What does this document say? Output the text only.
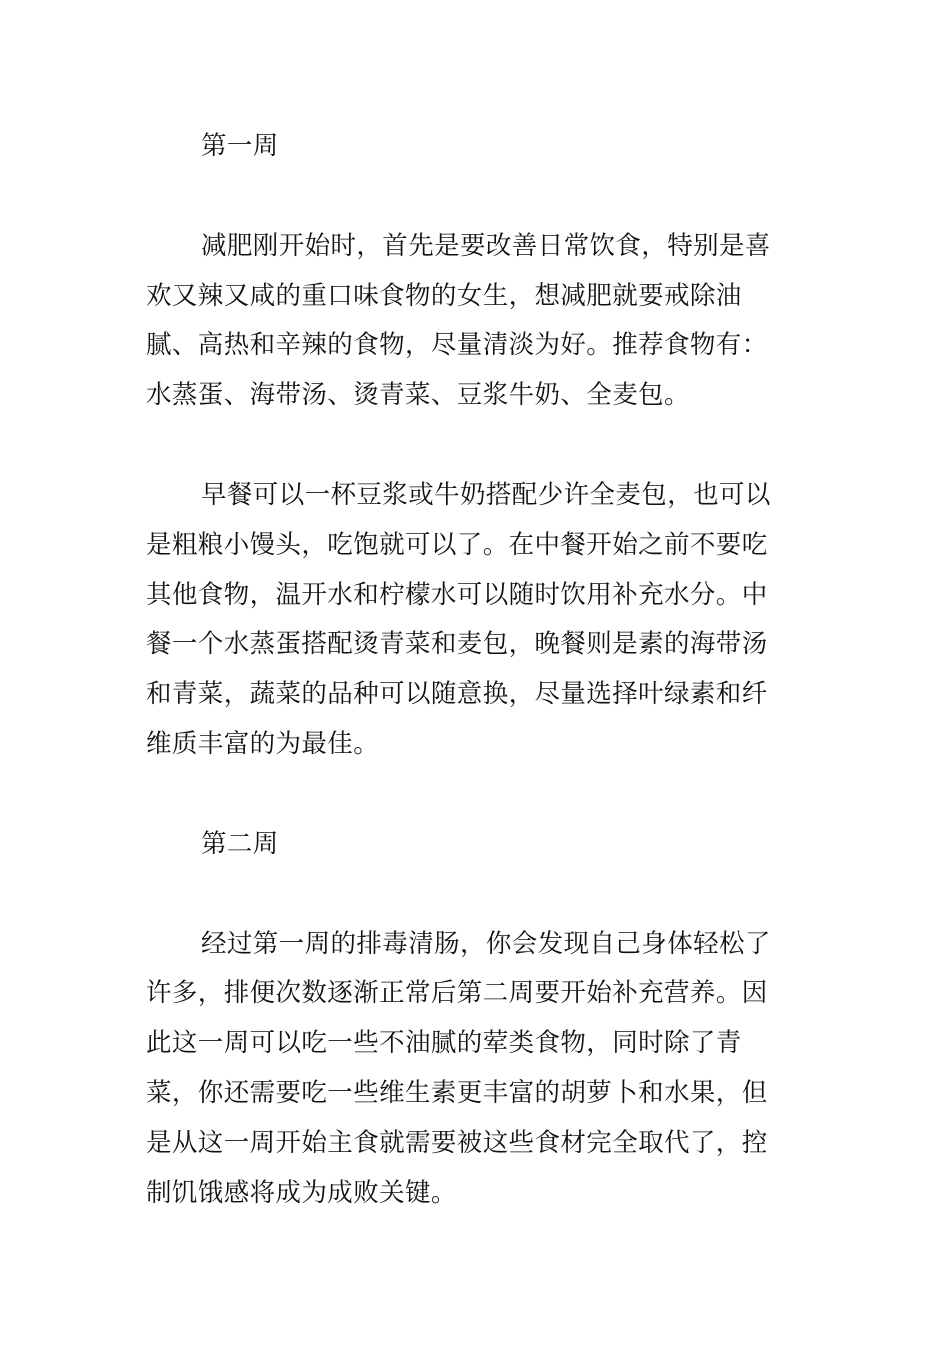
第一周

减肥刚开始时，首先是要改善日常饮食，特别是喜欢又辣又咸的重口味食物的女生，想减肥就要戒除油腻、高热和辛辣的食物，尽量清淡为好。推荐食物有：水蒸蛋、海带汤、烫青菜、豆浆牛奶、全麦包。

早餐可以一杯豆浆或牛奶搭配少许全麦包，也可以是粗粮小馒头，吃饱就可以了。在中餐开始之前不要吃其他食物，温开水和柠檬水可以随时饮用补充水分。中餐一个水蒸蛋搭配烫青菜和麦包，晚餐则是素的海带汤和青菜，蔬菜的品种可以随意换，尽量选择叶绿素和纤维质丰富的为最佳。

第二周

经过第一周的排毒清肠，你会发现自己身体轻松了许多，排便次数逐渐正常后第二周要开始补充营养。因此这一周可以吃一些不油腻的荤类食物，同时除了青菜，你还需要吃一些维生素更丰富的胡萝卜和水果，但是从这一周开始主食就需要被这些食材完全取代了，控制饥饿感将成为成败关键。
